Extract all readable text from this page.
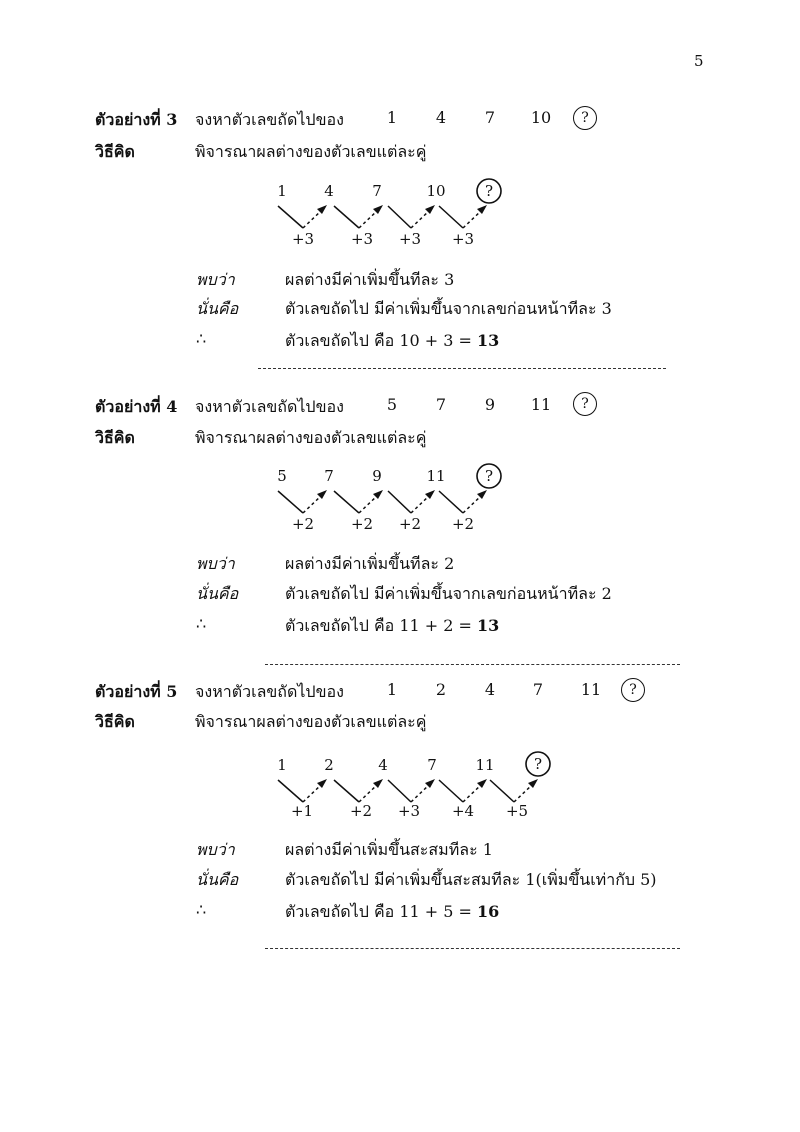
5
ตัวอย่างที่ 3 จงหาตัวเลขถัดไปของ	1 4 7 10	?
วิธีคิด	พิจารณาผลต่างของตัวเลขแต่ละคู่
1 4	7	10	?
+3 +3 +3 +3
พบว่า	ผลต่างมีค่าเพิ่มขึ้นทีละ 3
นั่นคือ	ตัวเลขถัดไป มีค่าเพิ่มขึ้นจากเลขก่อนหน้าทีละ 3
∴	ตัวเลขถัดไป คือ 10 + 3 = 13
ตัวอย่างที่ 4 จงหาตัวเลขถัดไปของ	5 7 9 11	?
วิธีคิด	พิจารณาผลต่างของตัวเลขแต่ละคู่
5 7	9	11	?
+2 +2 +2 +2
พบว่า	ผลต่างมีค่าเพิ่มขึ้นทีละ 2
นั่นคือ	ตัวเลขถัดไป มีค่าเพิ่มขึ้นจากเลขก่อนหน้าทีละ 2
∴	ตัวเลขถัดไป คือ 11 + 2 = 13
ตัวอย่างที่ 5 จงหาตัวเลขถัดไปของ	1 2 4 7 11	?
วิธีคิด	พิจารณาผลต่างของตัวเลขแต่ละคู่
1 2	4	7	11	?
+1 +2 +3 +4 +5
พบว่า	ผลต่างมีค่าเพิ่มขึ้นสะสมทีละ 1
นั่นคือ	ตัวเลขถัดไป มีค่าเพิ่มขึ้นสะสมทีละ 1(เพิ่มขึ้นเท่ากับ 5)
∴	ตัวเลขถัดไป คือ 11 + 5 = 16
